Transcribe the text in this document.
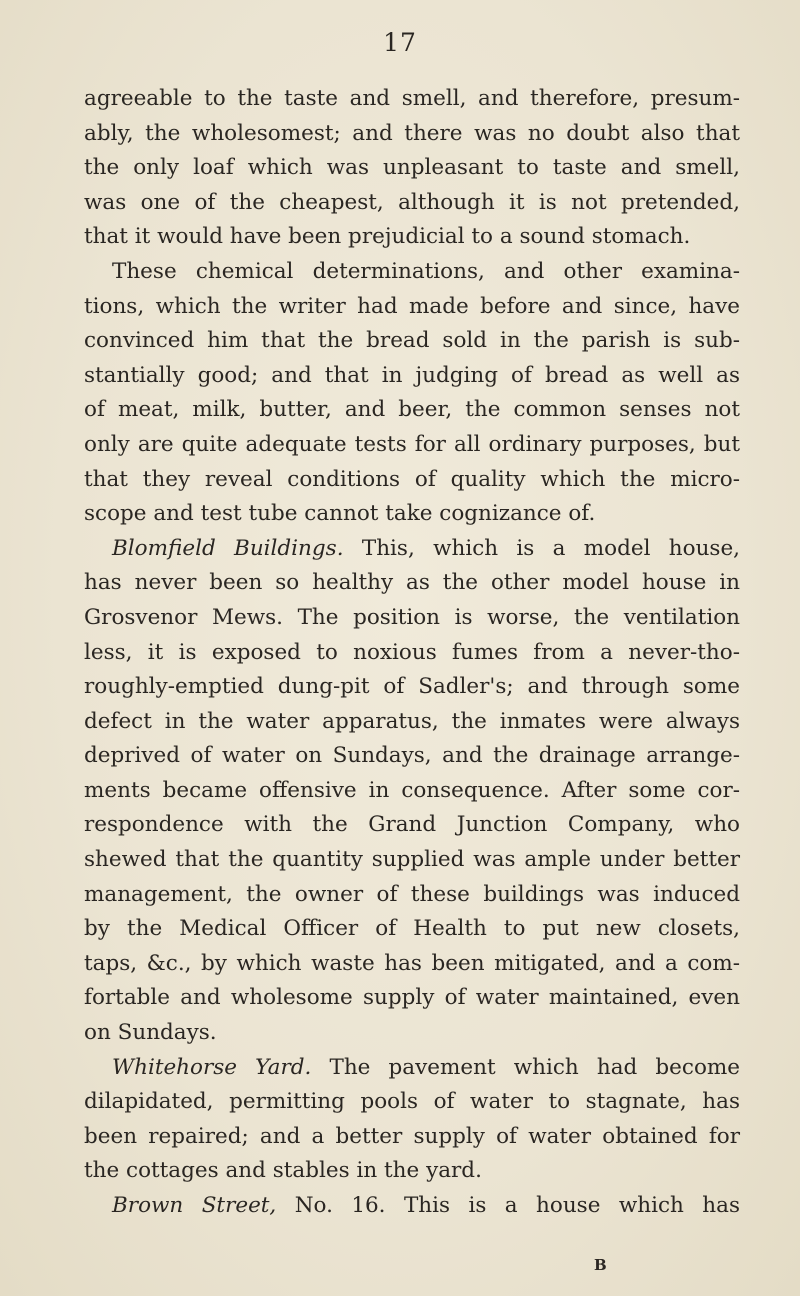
17
agreeable to the taste and smell, and therefore, presum-
ably, the wholesomest; and there was no doubt also that
the only loaf which was unpleasant to taste and smell,
was one of the cheapest, although it is not pretended,
that it would have been prejudicial to a sound stomach.
These chemical determinations, and other examina-
tions, which the writer had made before and since, have
convinced him that the bread sold in the parish is sub-
stantially good; and that in judging of bread as well as
of meat, milk, butter, and beer, the common senses not
only are quite adequate tests for all ordinary purposes, but
that they reveal conditions of quality which the micro-
scope and test tube cannot take cognizance of.
Blomfield Buildings. This, which is a model house,
has never been so healthy as the other model house in
Grosvenor Mews. The position is worse, the ventilation
less, it is exposed to noxious fumes from a never-tho-
roughly-emptied dung-pit of Sadler's; and through some
defect in the water apparatus, the inmates were always
deprived of water on Sundays, and the drainage arrange-
ments became offensive in consequence. After some cor-
respondence with the Grand Junction Company, who
shewed that the quantity supplied was ample under better
management, the owner of these buildings was induced
by the Medical Officer of Health to put new closets,
taps, &c., by which waste has been mitigated, and a com-
fortable and wholesome supply of water maintained, even
on Sundays.
Whitehorse Yard. The pavement which had become
dilapidated, permitting pools of water to stagnate, has
been repaired; and a better supply of water obtained for
the cottages and stables in the yard.
Brown Street, No. 16. This is a house which has
B
